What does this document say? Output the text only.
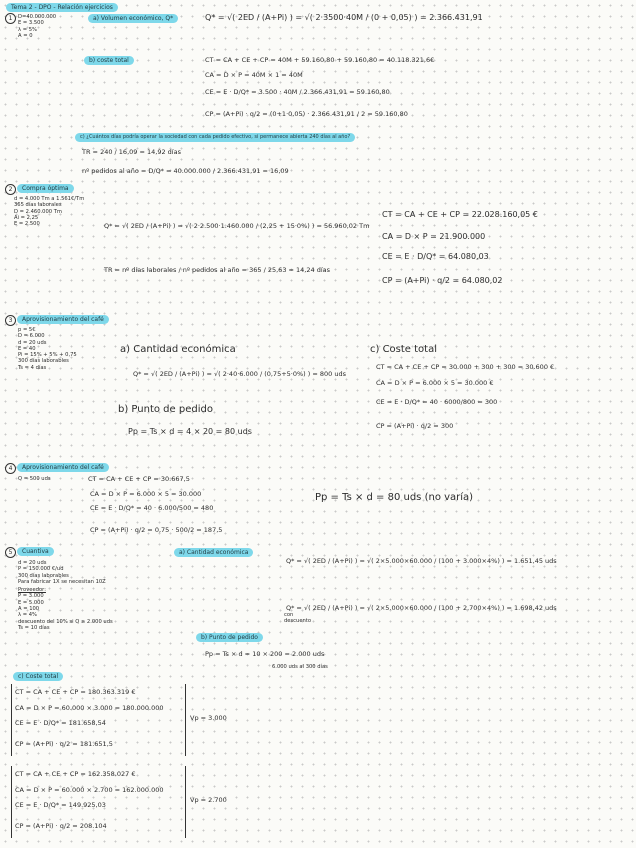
Tema 2 - DPO - Relación ejercicios
1	D=40.000.000
E = 3.500
λ = 5%
A = 0
a) Volumen económico, Q*	Q* = √( 2ED / (A+Pi) ) = √( 2·3500·40M / (0 + 0,05) ) = 2.366.431,91
b) coste total	CT = CA + CE + CP = 40M + 59.160,80 + 59.160,80 = 40.118.321,6€
CA = D × P = 40M × 1 = 40M
CE = E · D/Q* = 3.500 · 40M / 2.366.431,91 = 59.160,80
CP = (A+Pi) · q/2 = (0+1·0,05) · 2.366.431,91 / 2 = 59.160,80
c) ¿Cuántos días podría operar la sociedad con cada pedido efectivo, si permanece abierta 240 días al año?
TR = 240 / 16,09 = 14,92 días
nº pedidos al año = D/Q* = 40.000.000 / 2.366.431,91 = 16,09
2	Compra óptima
d = 4.000 Tm a 1.561€/Tm
365 días laborales
D = 2.460.000 Tm
Ai = 2,25
E = 2.500	Q* = √( 2ED / (A+Pi) ) = √( 2·2.500·1.460.000 / (2,25 + 15·0%) ) = 56.960,02 Tm
TR = nº días laborales / nº pedidos al año = 365 / 25,63 = 14,24 días
CT = CA + CE + CP = 22.028.160,05 €
CA = D × P = 21.900.000
CE = E · D/Q* = 64.080,03
CP = (A+Pi) · q/2 = 64.080,02
3	Aprovisionamiento del café
p = 5€
D = 6.000
d = 20 uds
E = 40
Pi = 15% + 5% + 0,75
300 días laborables
Ts = 4 días
a) Cantidad económica
Q* = √( 2ED / (A+Pi) ) = √( 2·40·6.000 / (0,75+5·0%) ) = 800 uds
b) Punto de pedido
Pp = Ts × d = 4 × 20 = 80 uds
c) Coste total
CT = CA + CE + CP = 30.000 + 300 + 300 = 30.600 €
CA = D × P = 6.000 × 5 = 30.000 €
CE = E · D/Q* = 40 · 6000/800 = 300
CP = (A+Pi) · q/2 = 300
4	Aprovisionamiento del café
Q = 500 uds	CT = CA + CE + CP = 30.667,5
CA = D × P = 6.000 × 5 = 30.000
CE = E · D/Q* = 40 · 6.000/500 = 480
CP = (A+Pi) · q/2 = 0,75 · 500/2 = 187,5
Pp = Ts × d = 80 uds (no varía)
5	Cuantiva
d = 20 uds
P = 150.000 €/ud
300 días laborables
Para fabricar 1X se necesitan 10Z
Proveedor:
P = 3.000
E = 5.000
A = 100
λ = 4%
descuento del 10% si Q ≥ 2.000 uds
Ts = 10 días
a) Cantidad económica
Q* = √( 2ED / (A+Pi) ) = √( 2×5.000×60.000 / (100 + 3.000×4%) ) = 1.651,45 uds
con descuento
Q* = √( 2ED / (A+Pi) ) = √( 2×5.000×60.000 / (100 + 2.700×4%) ) = 1.698,42 uds
b) Punto de pedido
Pp = Ts × d = 10 × 200 = 2.000 uds
6.000 uds al 300 días
c) Coste total
CT = CA + CE + CP = 180.363.319 €
CA = D × P = 60.000 × 3.000 = 180.000.000
CE = E · D/Q* = 181.658,54
CP = (A+Pi) · q/2 = 181.651,5
Vp = 3.000
CT = CA + CE + CP = 162.358.027 €
CA = D × P = 60.000 × 2.700 = 162.000.000
CE = E · D/Q* = 149.925,03
CP = (A+Pi) · q/2 = 208.104
Vp = 2.700
